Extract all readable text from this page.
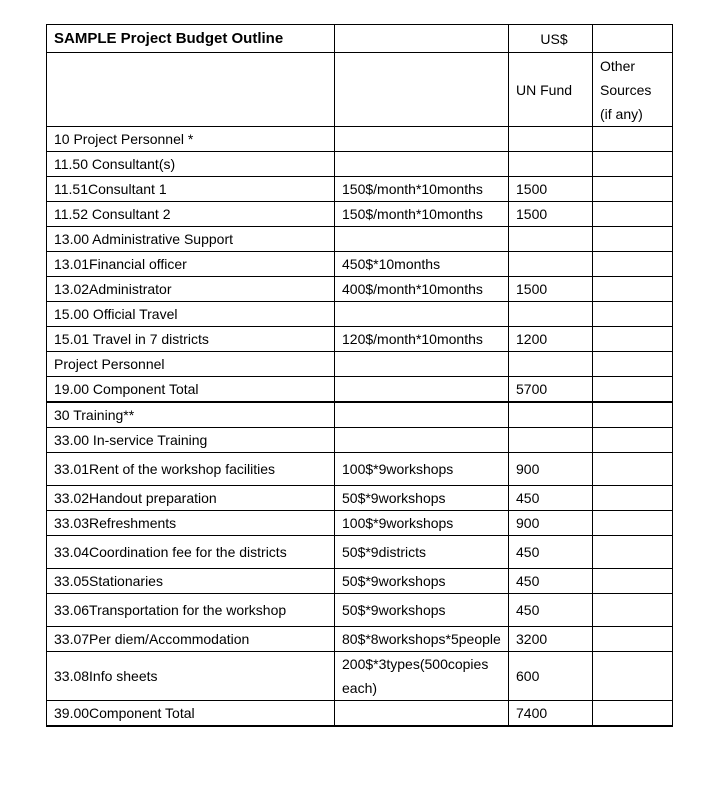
SAMPLE Project Budget Outline		US$	
		UN Fund	Other
Sources
(if any)

10 Project Personnel *			
11.50 Consultant(s)			
11.51Consultant 1	150$/month*10months	1500	
11.52 Consultant 2	150$/month*10months	1500	
13.00 Administrative Support			
13.01Financial officer	450$*10months		
13.02Administrator	400$/month*10months	1500	
15.00 Official Travel			
15.01 Travel in 7 districts	120$/month*10months	1200	
Project Personnel			
19.00 Component Total		5700	

30 Training**			
33.00 In-service Training			
33.01Rent of the workshop facilities	100$*9workshops	900	
33.02Handout preparation	50$*9workshops	450	
33.03Refreshments	100$*9workshops	900	
33.04Coordination fee for the districts	50$*9districts	450	
33.05Stationaries	50$*9workshops	450	
33.06Transportation for the workshop	50$*9workshops	450	
33.07Per diem/Accommodation	80$*8workshops*5people	3200	
33.08Info sheets	200$*3types(500copies
each)	600	
39.00Component Total		7400	
